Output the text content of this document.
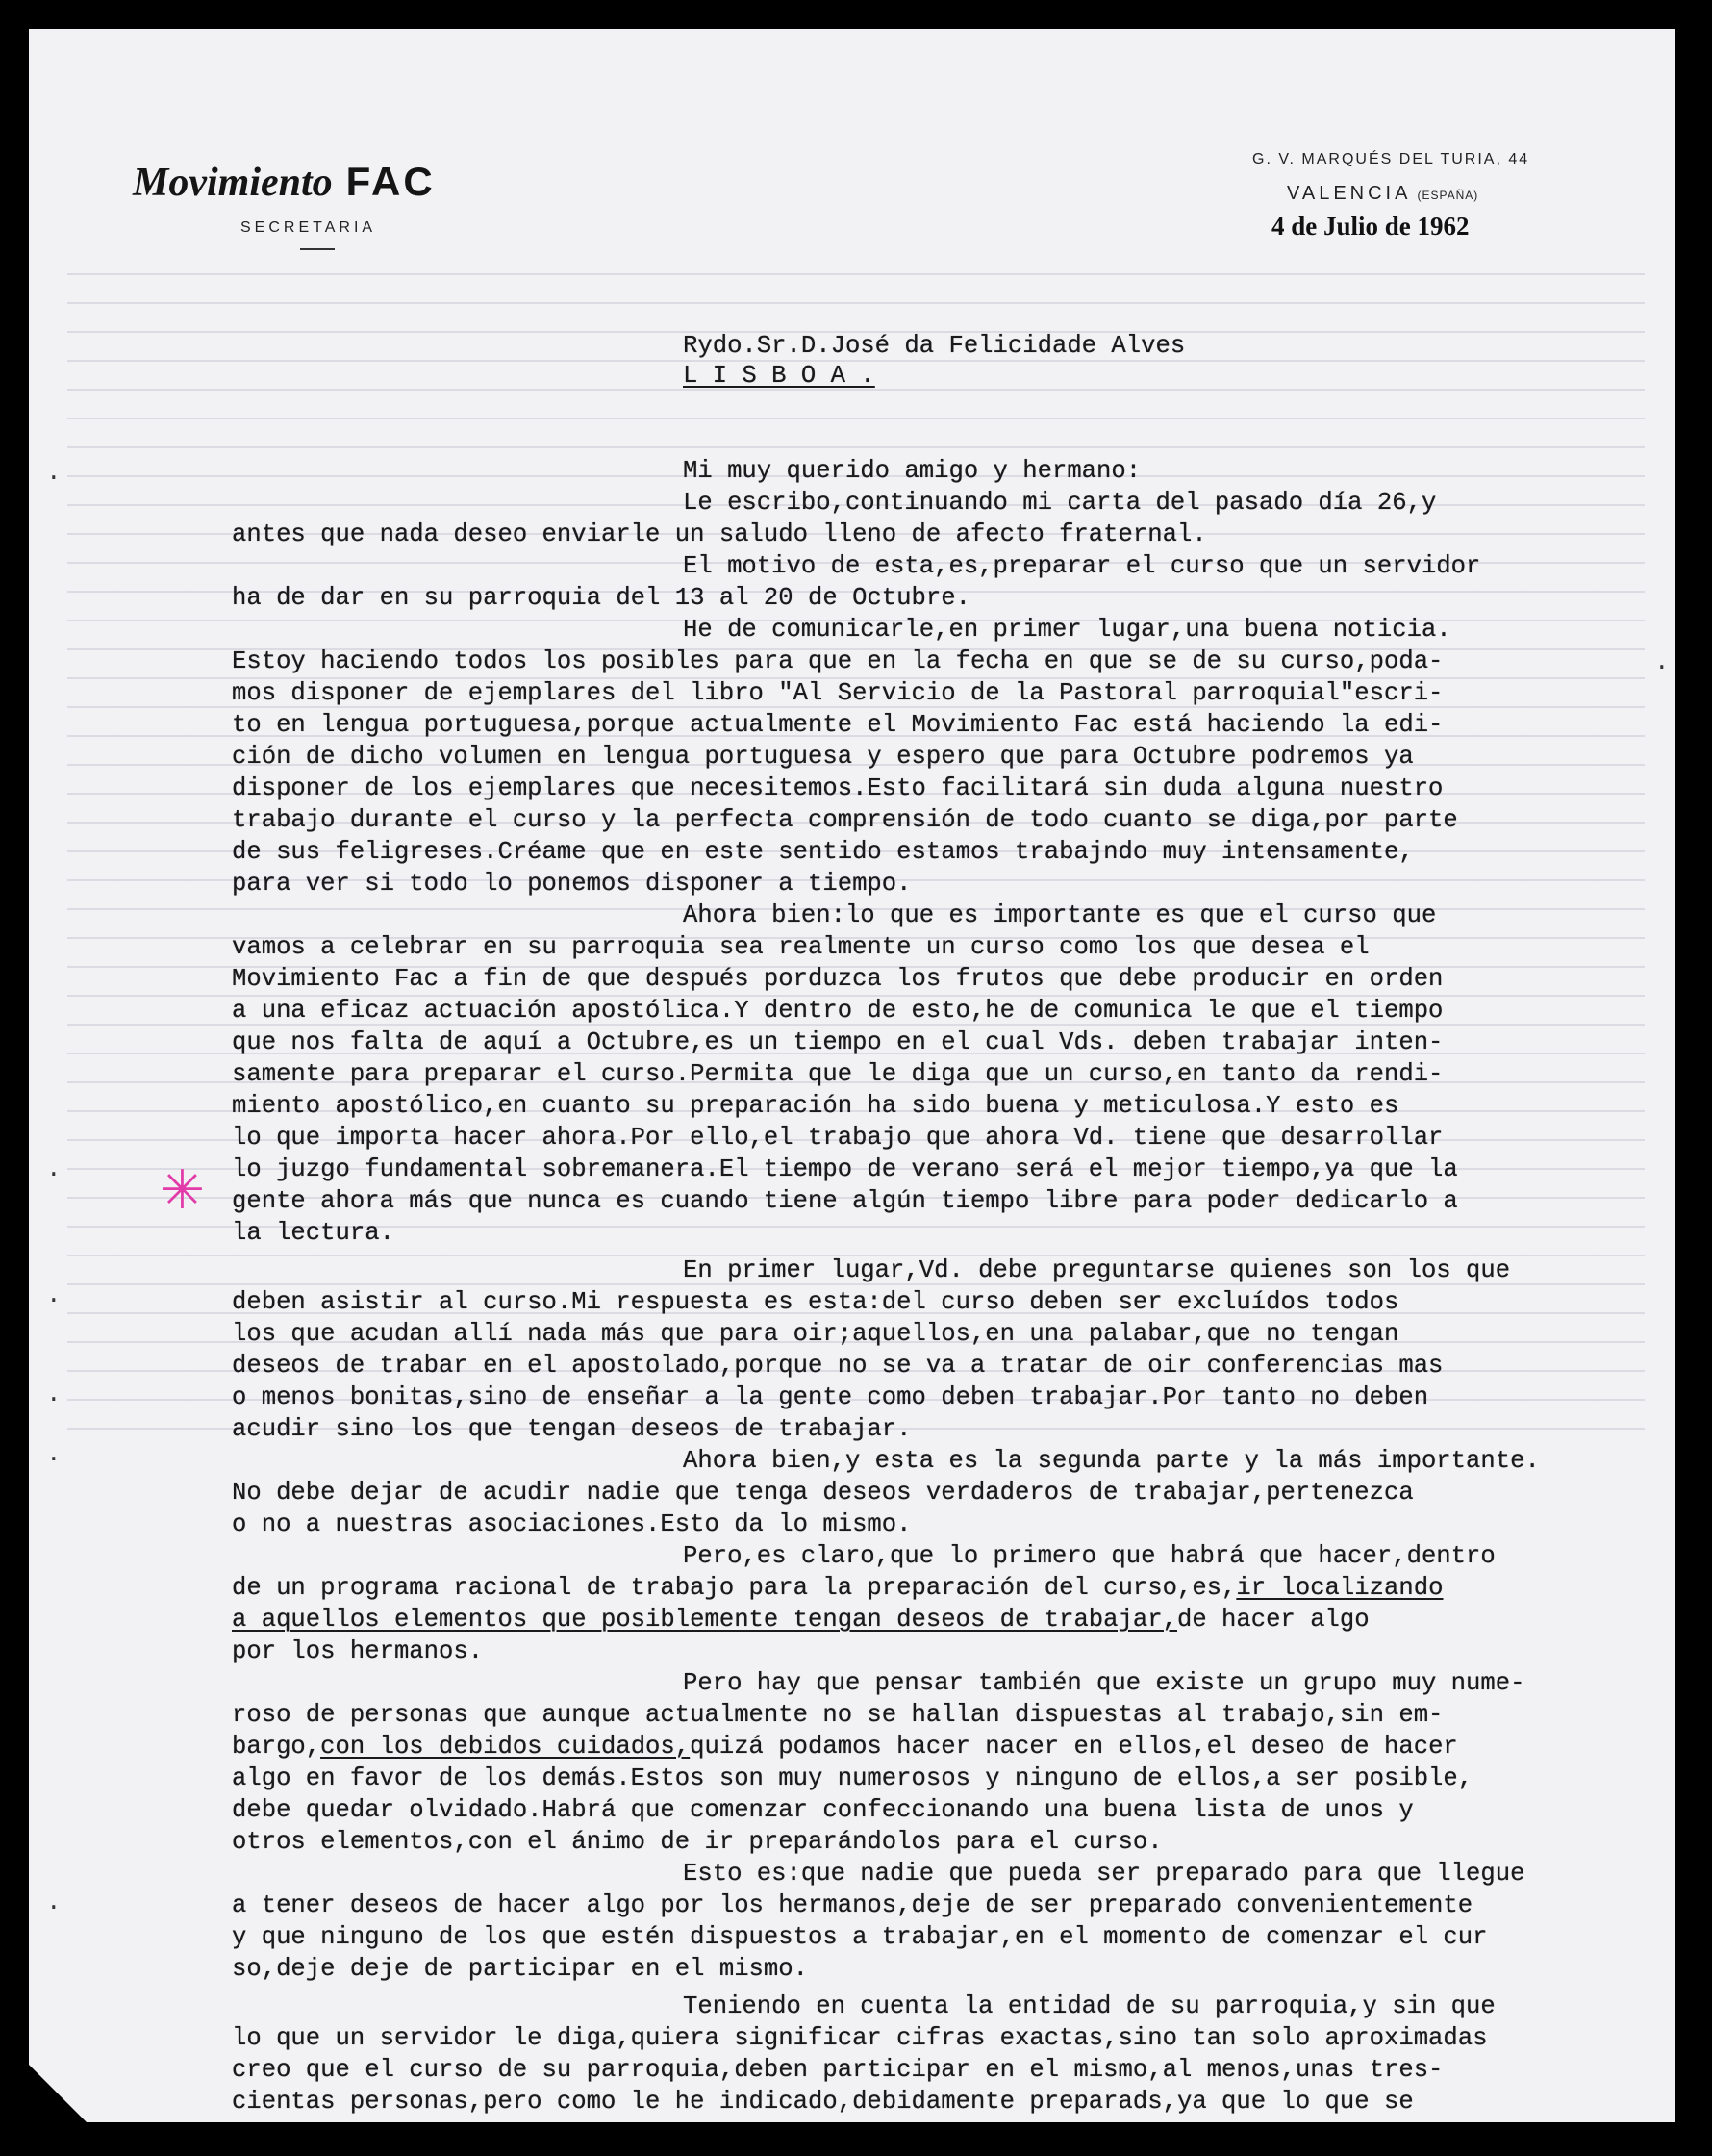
Movimiento FAC
SECRETARIA
G. V. MARQUÉS DEL TURIA, 44
VALENCIA (ESPAÑA)
4 de Julio de 1962

Rydo.Sr.D.José da Felicidade Alves

L I S B O A .

Mi muy querido amigo y hermano:

Le escribo,continuando mi carta del pasado día 26,y

antes que nada deseo enviarle un saludo lleno de afecto fraternal.

El motivo de esta,es,preparar el curso que un servidor

ha de dar en su parroquia del 13 al 20 de Octubre.

He de comunicarle,en primer lugar,una buena noticia.

Estoy haciendo todos los posibles para que en la fecha en que se de su curso,poda-

mos disponer de ejemplares del libro "Al Servicio de la Pastoral parroquial"escri-

to en lengua portuguesa,porque actualmente el Movimiento Fac está haciendo la edi-

ción de dicho volumen en lengua portuguesa y espero que para Octubre podremos ya

disponer de los ejemplares que necesitemos.Esto facilitará sin duda alguna nuestro

trabajo durante el curso y la perfecta comprensión de todo cuanto se diga,por parte

de sus feligreses.Créame que en este sentido estamos trabajndo muy intensamente,

para ver si todo lo ponemos disponer a tiempo.

Ahora bien:lo que es importante es que el curso que

vamos a celebrar en su parroquia sea realmente un curso como los que desea el

Movimiento Fac a fin de que después porduzca los frutos que debe producir en orden

a una eficaz actuación apostólica.Y dentro de esto,he de comunica le que el tiempo

que nos falta de aquí a Octubre,es un tiempo en el cual Vds. deben trabajar inten-

samente para preparar el curso.Permita que le diga que un curso,en tanto da rendi-

miento apostólico,en cuanto su preparación ha sido buena y meticulosa.Y esto es

lo que importa hacer ahora.Por ello,el trabajo que ahora Vd. tiene que desarrollar

lo juzgo fundamental sobremanera.El tiempo de verano será el mejor tiempo,ya que la

gente ahora más que nunca es cuando tiene algún tiempo libre para poder dedicarlo a

la lectura.

En primer lugar,Vd. debe preguntarse quienes son los que

deben asistir al curso.Mi respuesta es esta:del curso deben ser excluídos todos

los que acudan allí nada más que para oir;aquellos,en una palabar,que no tengan

deseos de trabar en el apostolado,porque no se va a tratar de oir conferencias mas

o menos bonitas,sino de enseñar a la gente como deben trabajar.Por tanto no deben

acudir sino los que tengan deseos de trabajar.

Ahora bien,y esta es la segunda parte y la más importante.

No debe dejar de acudir nadie que tenga deseos verdaderos de trabajar,pertenezca

o no a nuestras asociaciones.Esto da lo mismo.

Pero,es claro,que lo primero que habrá que hacer,dentro

de un programa racional de trabajo para la preparación del curso,es,ir localizando

a aquellos elementos que posiblemente tengan deseos de trabajar,de hacer algo

por los hermanos.

Pero hay que pensar también que existe un grupo muy nume-

roso de personas que aunque actualmente no se hallan dispuestas al trabajo,sin em-

bargo,con los debidos cuidados,quizá podamos hacer nacer en ellos,el deseo de hacer

algo en favor de los demás.Estos son muy numerosos y ninguno de ellos,a ser posible,

debe quedar olvidado.Habrá que comenzar confeccionando una buena lista de unos y

otros elementos,con el ánimo de ir preparándolos para el curso.

Esto es:que nadie que pueda ser preparado para que llegue

a tener deseos de hacer algo por los hermanos,deje de ser preparado convenientemente

y que ninguno de los que estén dispuestos a trabajar,en el momento de comenzar el cur

so,deje deje de participar en el mismo.

Teniendo en cuenta la entidad de su parroquia,y sin que

lo que un servidor le diga,quiera significar cifras exactas,sino tan solo aproximadas

creo que el curso de su parroquia,deben participar en el mismo,al menos,unas tres-

cientas personas,pero como le he indicado,debidamente preparads,ya que lo que se

.
.
.
.
.
.
.
✳
